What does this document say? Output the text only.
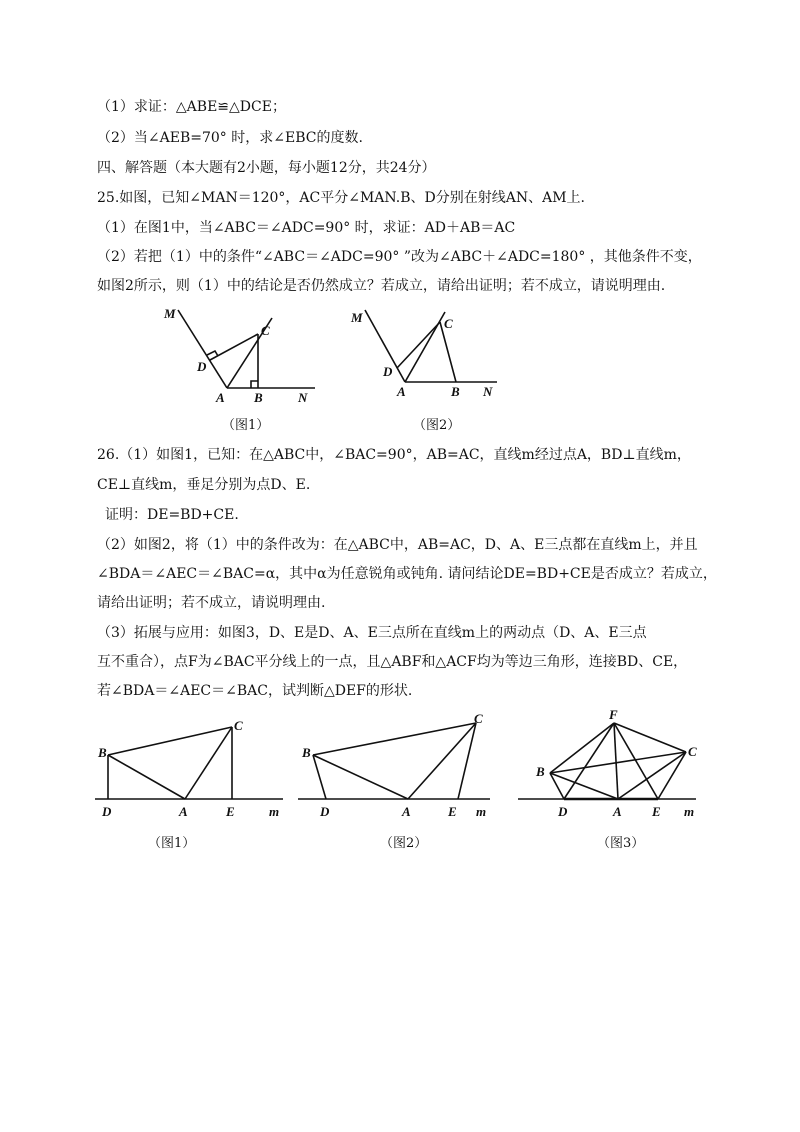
（1）求证：△ABE≌△DCE；
（2）当∠AEB=70° 时，求∠EBC的度数.
四、解答题（本大题有2小题，每小题12分，共24分）
25.如图，已知∠MAN＝120°，AC平分∠MAN.B、D分别在射线AN、AM上.
（1）在图1中，当∠ABC＝∠ADC=90° 时，求证：AD＋AB＝AC
（2）若把（1）中的条件“∠ABC＝∠ADC=90° ”改为∠ABC＋∠ADC=180° ，其他条件不变，
如图2所示，则（1）中的结论是否仍然成立？若成立，请给出证明；若不成立，请说明理由.
M
C
D
A B	N
（图1）
M	C
D
A	B N
（图2）
26.（1）如图1，已知：在△ABC中，∠BAC=90°，AB=AC，直线m经过点A，BD⊥直线m，
CE⊥直线m，垂足分别为点D、E.
证明：DE=BD+CE.
（2）如图2，将（1）中的条件改为：在△ABC中，AB=AC，D、A、E三点都在直线m上，并且
∠BDA＝∠AEC＝∠BAC=α，其中α为任意锐角或钝角. 请问结论DE=BD+CE是否成立？若成立，
请给出证明；若不成立，请说明理由.
（3）拓展与应用：如图3，D、E是D、A、E三点所在直线m上的两动点（D、A、E三点
互不重合），点F为∠BAC平分线上的一点，且△ABF和△ACF均为等边三角形，连接BD、CE，
若∠BDA＝∠AEC＝∠BAC，试判断△DEF的形状.
B
C
D	A	E	m
（图1）
B
C
D	A	E m
（图2）
F
B
C
D	A E m
（图3）
